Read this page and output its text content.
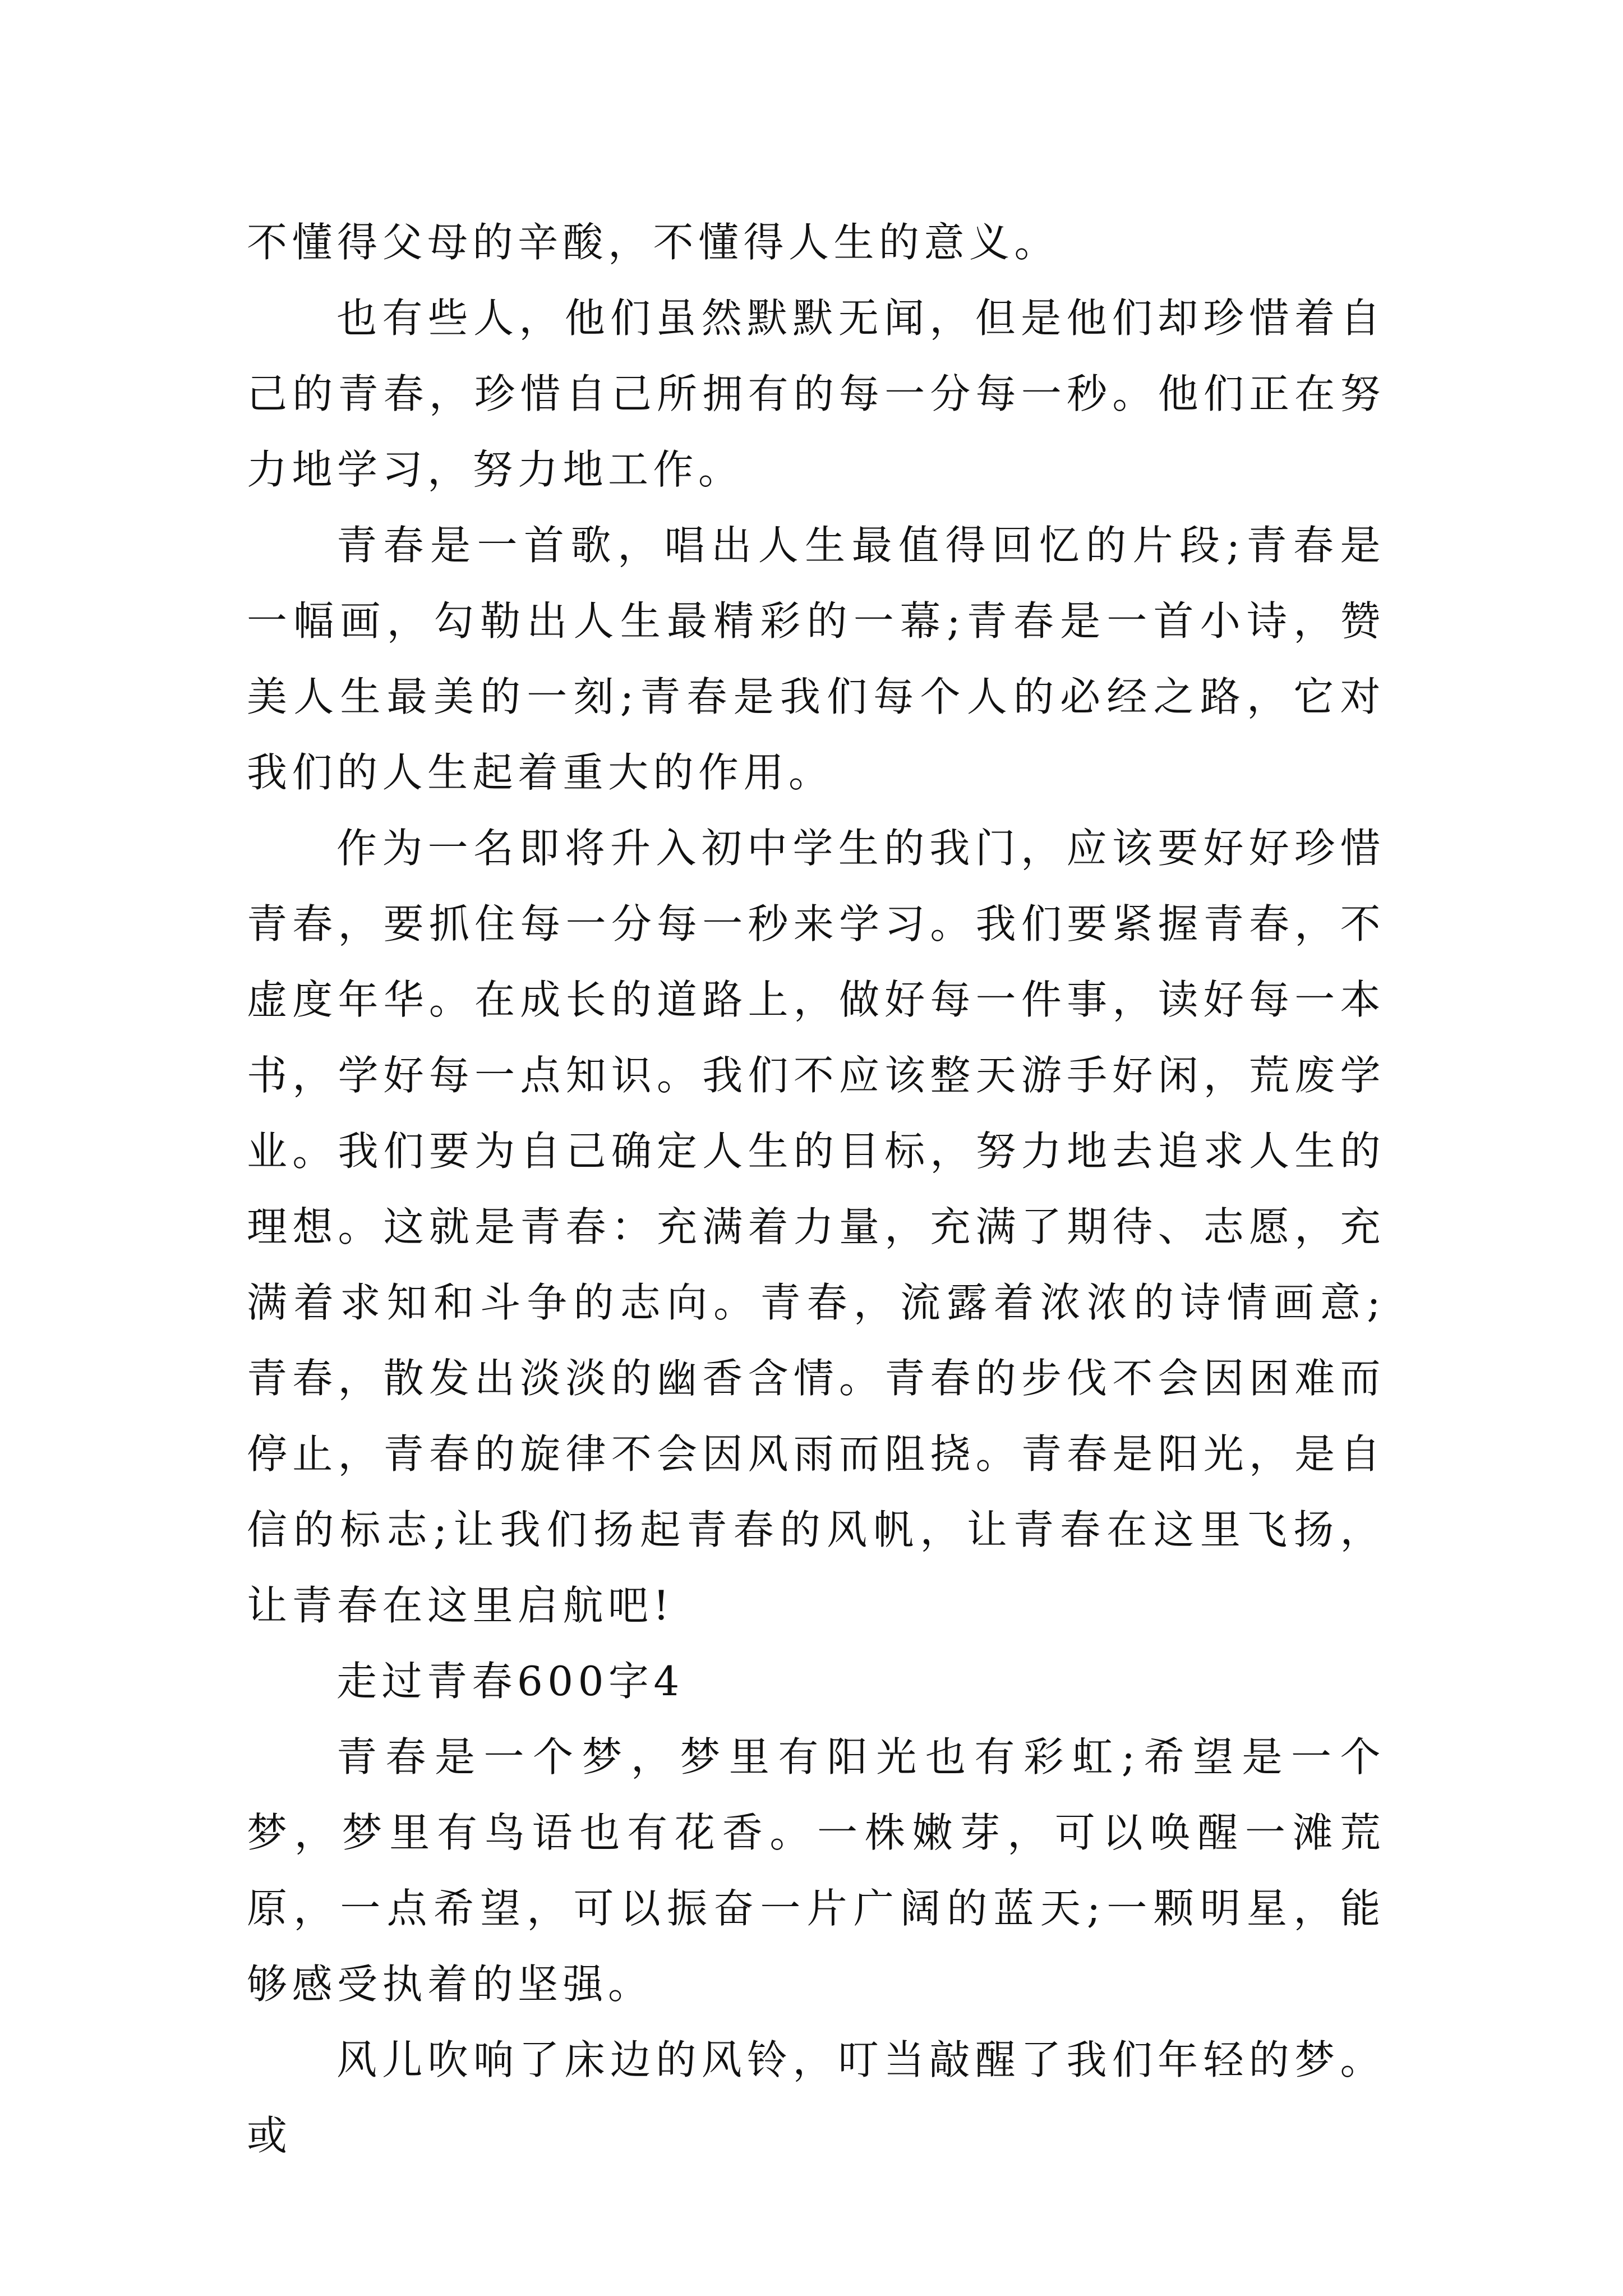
不懂得父母的辛酸，不懂得人生的意义。

也有些人，他们虽然默默无闻，但是他们却珍惜着自己的青春，珍惜自己所拥有的每一分每一秒。他们正在努力地学习，努力地工作。

青春是一首歌，唱出人生最值得回忆的片段;青春是一幅画，勾勒出人生最精彩的一幕;青春是一首小诗，赞美人生最美的一刻;青春是我们每个人的必经之路，它对我们的人生起着重大的作用。

作为一名即将升入初中学生的我门，应该要好好珍惜青春，要抓住每一分每一秒来学习。我们要紧握青春，不虚度年华。在成长的道路上，做好每一件事，读好每一本书，学好每一点知识。我们不应该整天游手好闲，荒废学业。我们要为自己确定人生的目标，努力地去追求人生的理想。这就是青春：充满着力量，充满了期待、志愿，充满着求知和斗争的志向。青春，流露着浓浓的诗情画意;青春，散发出淡淡的幽香含情。青春的步伐不会因困难而停止，青春的旋律不会因风雨而阻挠。青春是阳光，是自信的标志;让我们扬起青春的风帆，让青春在这里飞扬，让青春在这里启航吧!

走过青春600字4

青春是一个梦，梦里有阳光也有彩虹;希望是一个梦，梦里有鸟语也有花香。一株嫩芽，可以唤醒一滩荒原，一点希望，可以振奋一片广阔的蓝天;一颗明星，能够感受执着的坚强。

风儿吹响了床边的风铃，叮当敲醒了我们年轻的梦。或
